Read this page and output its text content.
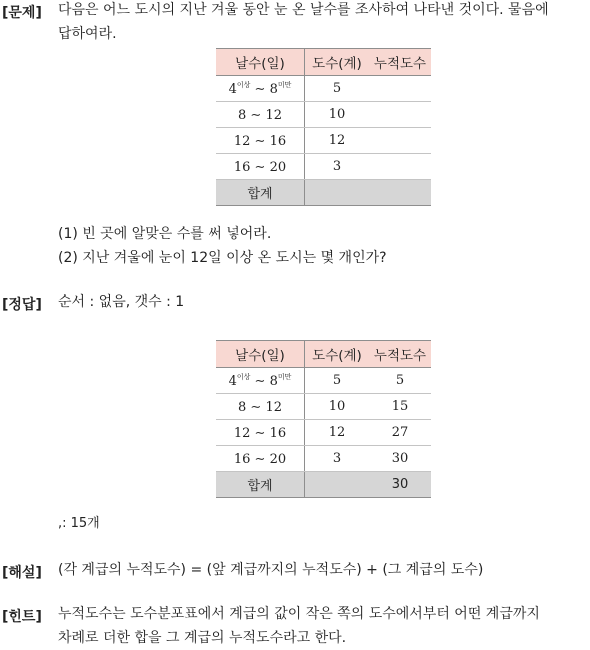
[문제] 다음은 어느 도시의 지난 겨울 동안 눈 온 날수를 조사하여 나타낸 것이다. 물음에
답하여라.
날수(일)	도수(계)	누적도수
$4^{이상}$ ∼ $8^{미만}$	5	
8 ∼ 12	10	
12 ∼ 16	12	
16 ∼ 20	3	
합계		
(1) 빈 곳에 알맞은 수를 써 넣어라.
(2) 지난 겨울에 눈이 12일 이상 온 도시는 몇 개인가?
[정답] 순서 : 없음, 갯수 : 1
날수(일)	도수(계)	누적도수
$4^{이상}$ ∼ $8^{미만}$	5	5
8 ∼ 12	10	15
12 ∼ 16	12	27
16 ∼ 20	3	30
합계		30
,: 15개
[해설] (각 계급의 누적도수) = (앞 계급까지의 누적도수) + (그 계급의 도수)
[힌트] 누적도수는 도수분포표에서 계급의 값이 작은 쪽의 도수에서부터 어떤 계급까지
차례로 더한 합을 그 계급의 누적도수라고 한다.
